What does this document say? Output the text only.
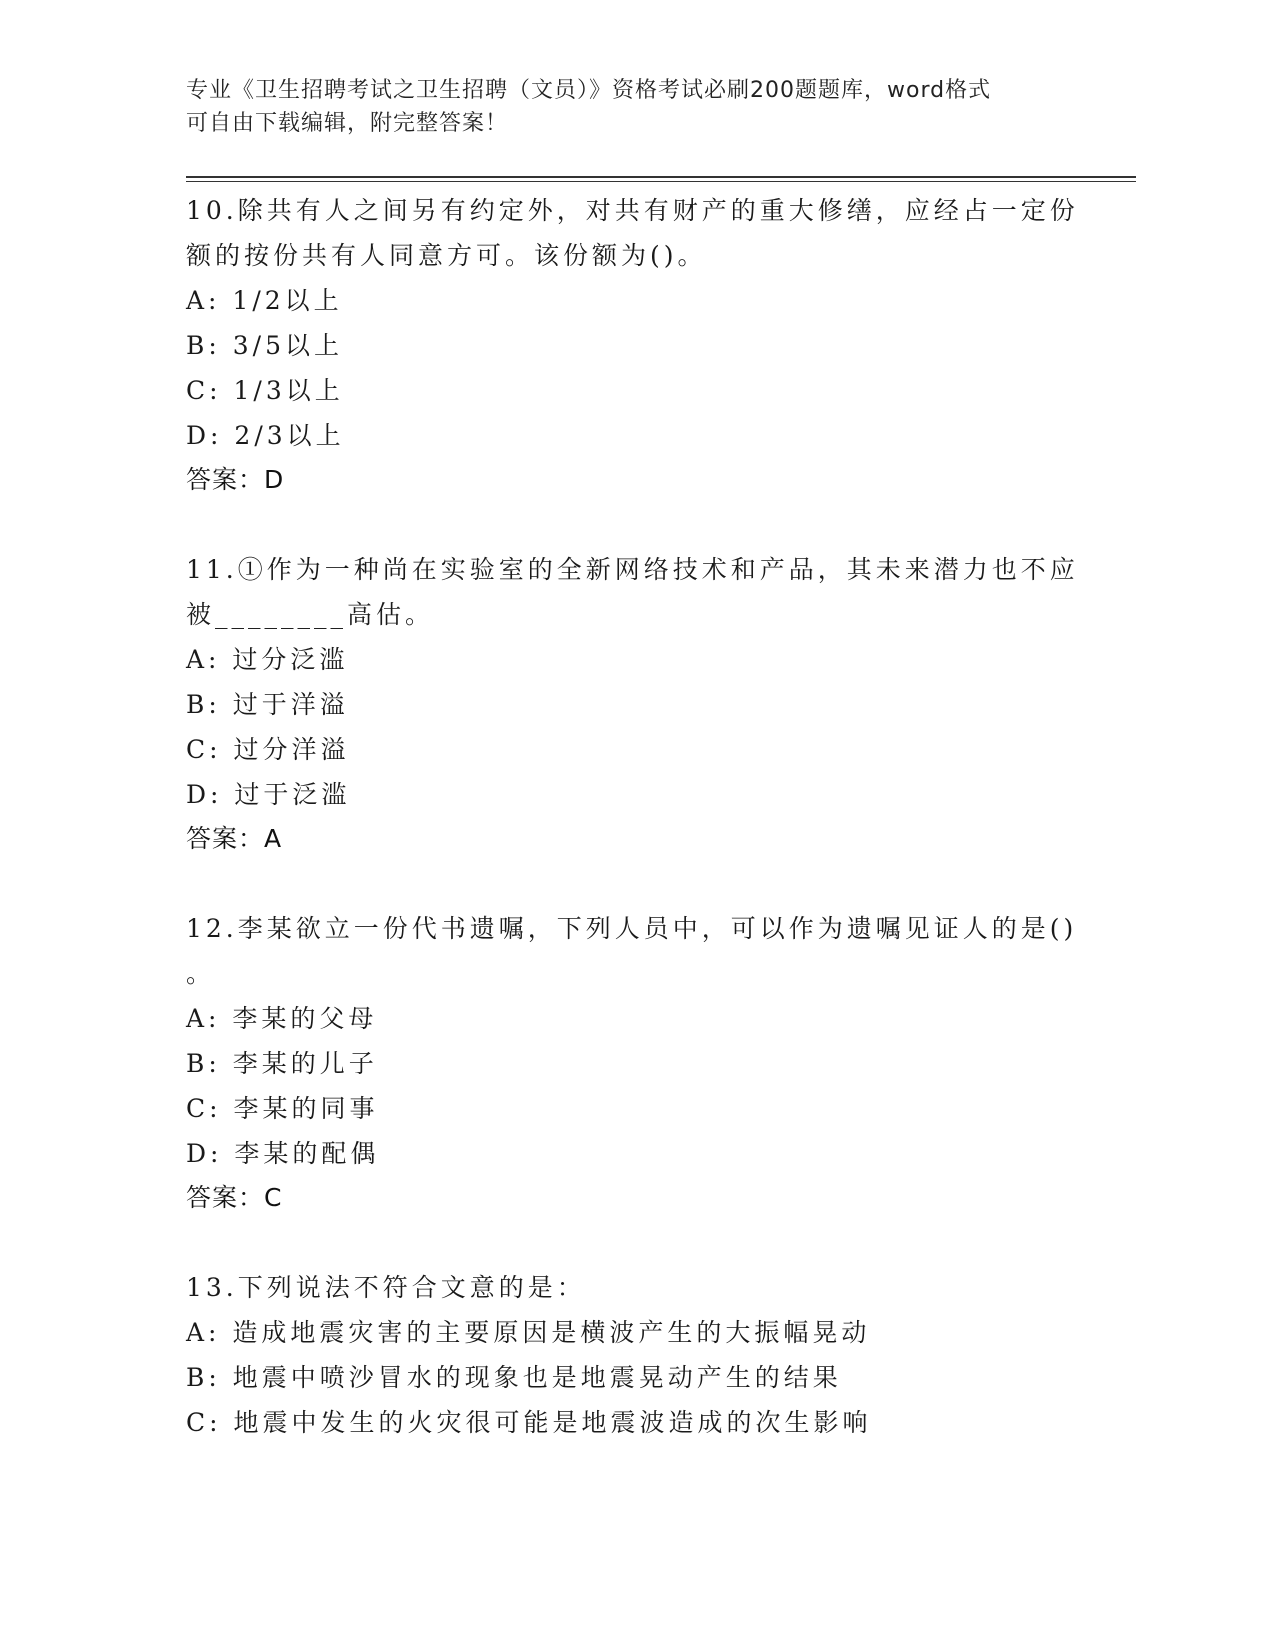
专业《卫生招聘考试之卫生招聘（文员）》资格考试必刷200题题库，word格式
可自由下载编辑，附完整答案！
10.除共有人之间另有约定外，对共有财产的重大修缮，应经占一定份
额的按份共有人同意方可。该份额为()。
A: 1/2以上
B: 3/5以上
C: 1/3以上
D: 2/3以上
答案：D
11.①作为一种尚在实验室的全新网络技术和产品，其未来潜力也不应
被________高估。
A: 过分泛滥
B: 过于洋溢
C: 过分洋溢
D: 过于泛滥
答案：A
12.李某欲立一份代书遗嘱，下列人员中，可以作为遗嘱见证人的是()
。
A: 李某的父母
B: 李某的儿子
C: 李某的同事
D: 李某的配偶
答案：C
13.下列说法不符合文意的是：
A: 造成地震灾害的主要原因是横波产生的大振幅晃动
B: 地震中喷沙冒水的现象也是地震晃动产生的结果
C: 地震中发生的火灾很可能是地震波造成的次生影响
